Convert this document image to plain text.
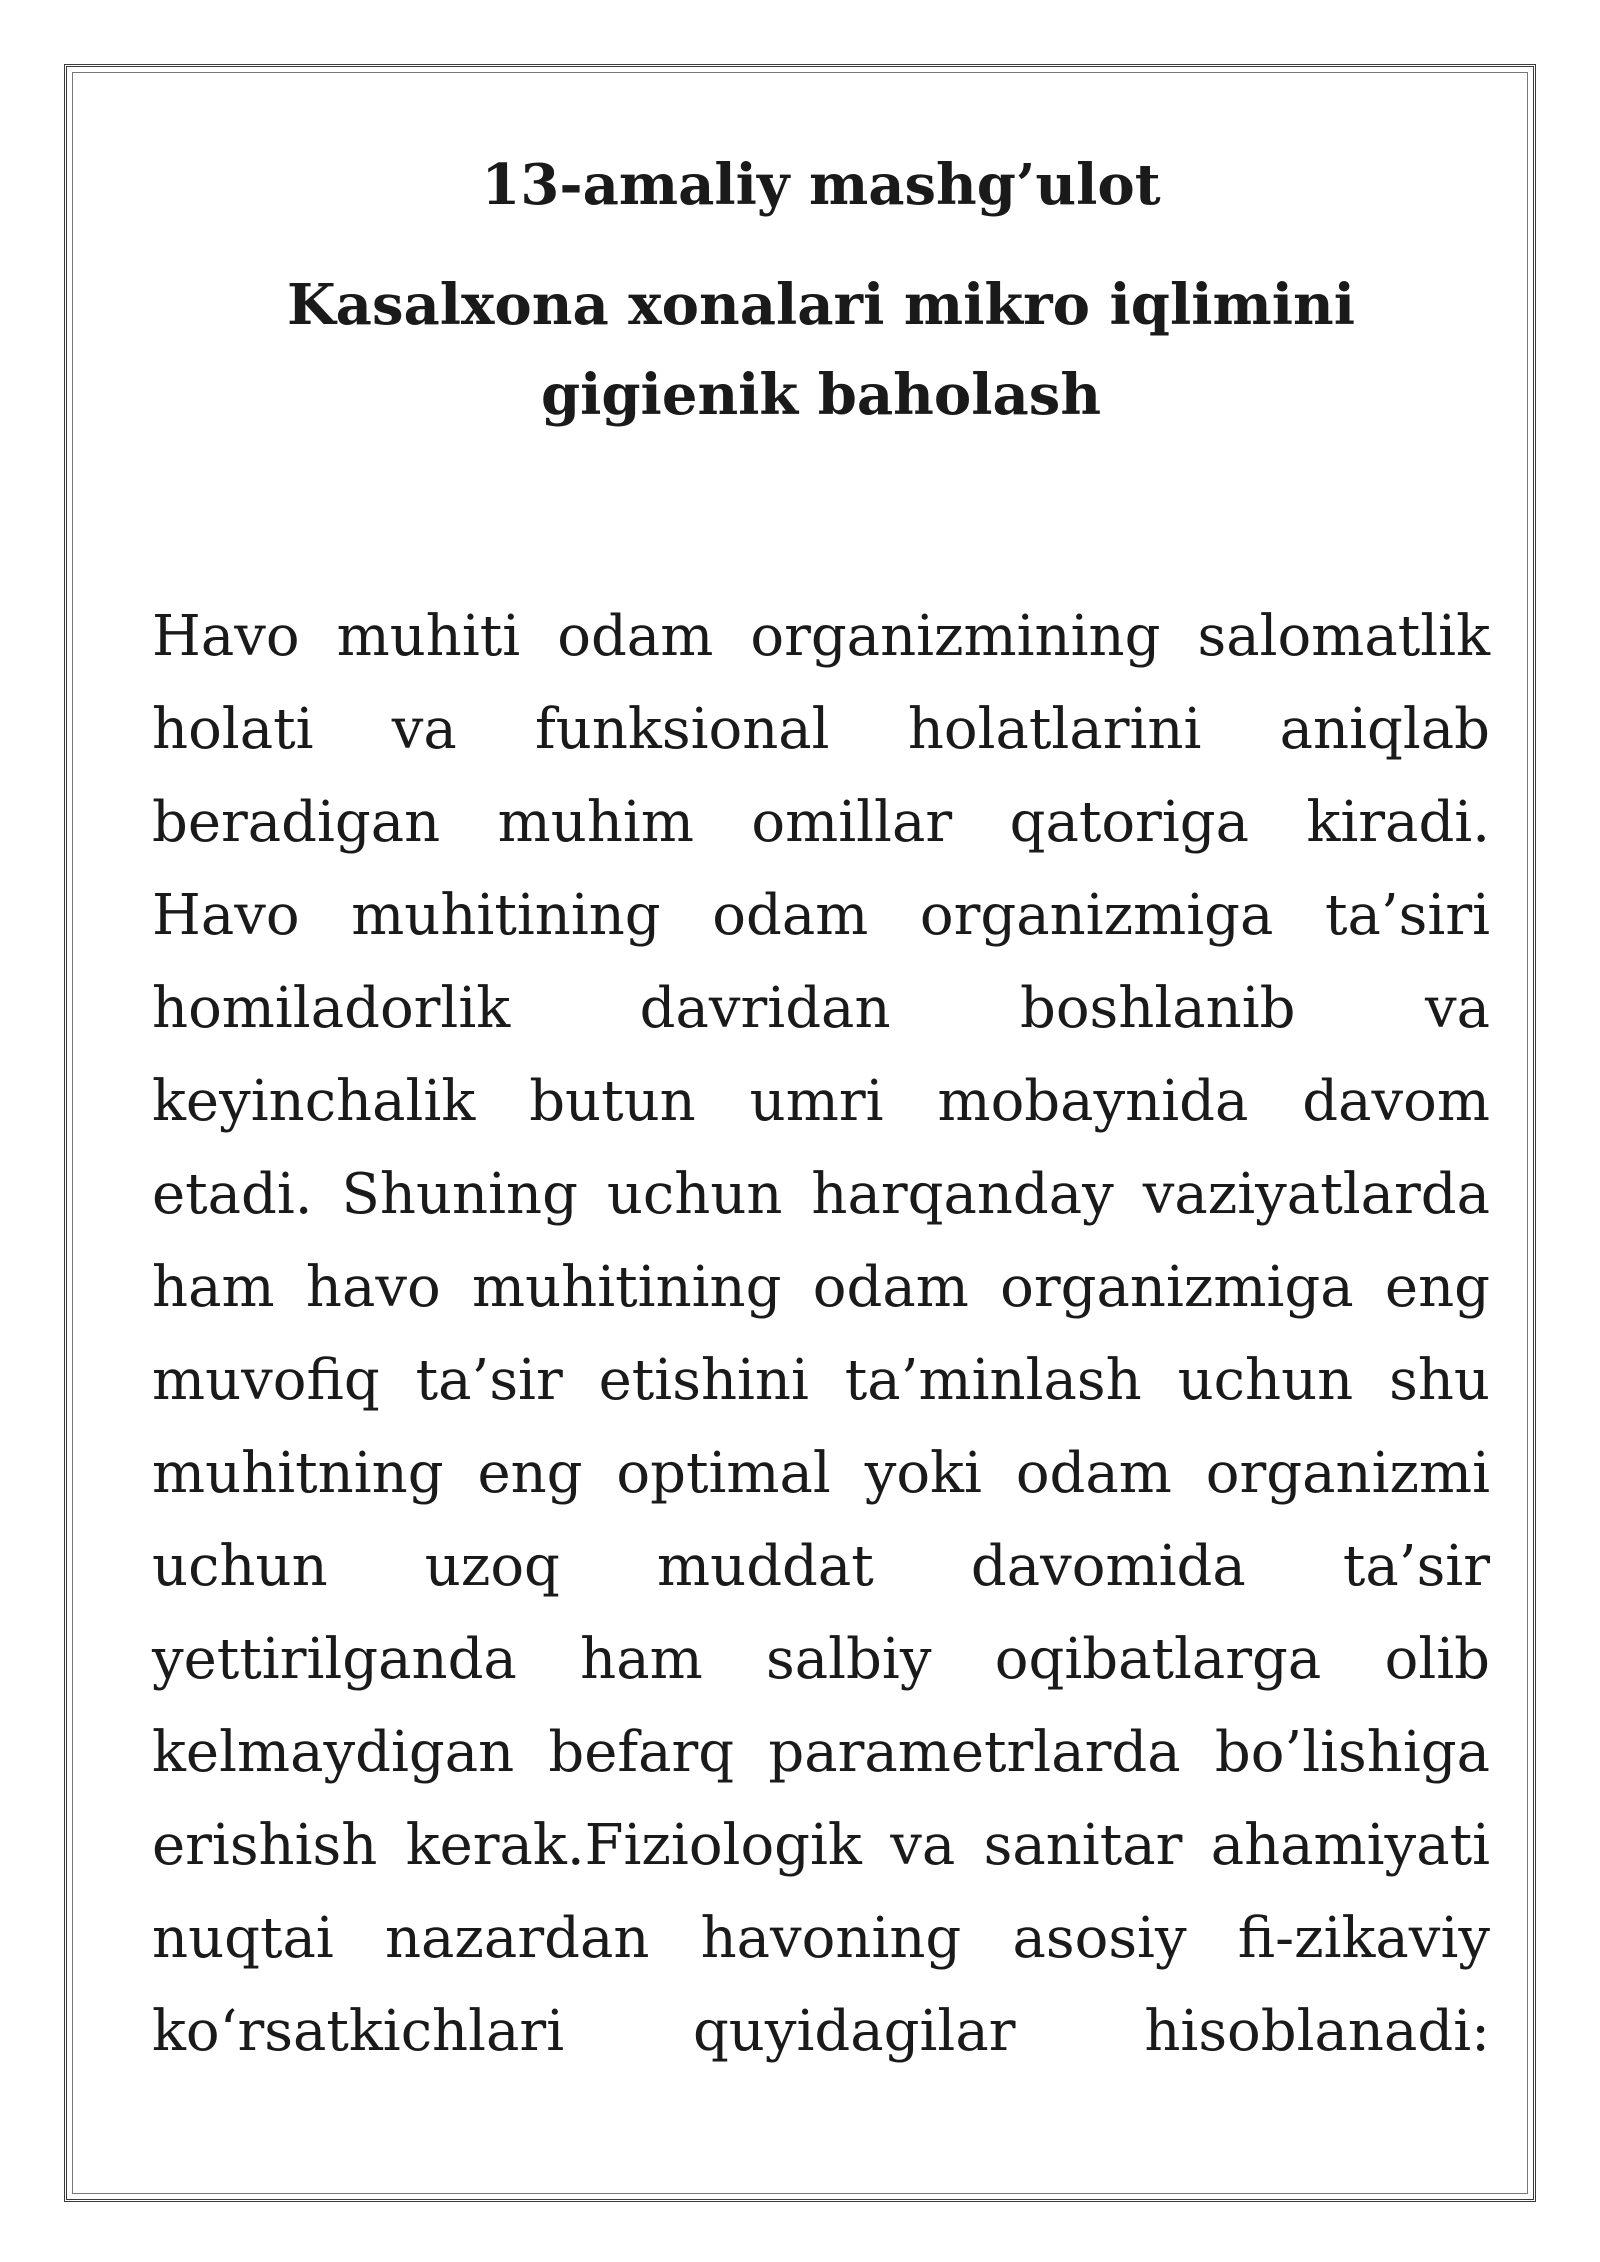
13-amaliy mashg’ulot
Kasalxona xonalari mikro iqlimini gigienik baholash

Havo muhiti odam organizmining salomatlik holati va funksional holatlarini aniqlab beradigan muhim omillar qatoriga kiradi. Havo muhitining odam organizmiga ta’siri homiladorlik davridan boshlanib va keyinchalik butun umri mobaynida davom etadi. Shuning uchun harqanday vaziyatlarda ham havo muhitining odam organizmiga eng muvofiq ta’sir etishini ta’minlash uchun shu muhitning eng optimal yoki odam organizmi uchun uzoq muddat davomida ta’sir yettirilganda ham salbiy oqibatlarga olib kelmaydigan befarq parametrlarda bo’lishiga erishish kerak.Fiziologik va sanitar ahamiyati nuqtai nazardan havoning asosiy fi-zikaviy ko‘rsatkichlari quyidagilar hisoblanadi:
